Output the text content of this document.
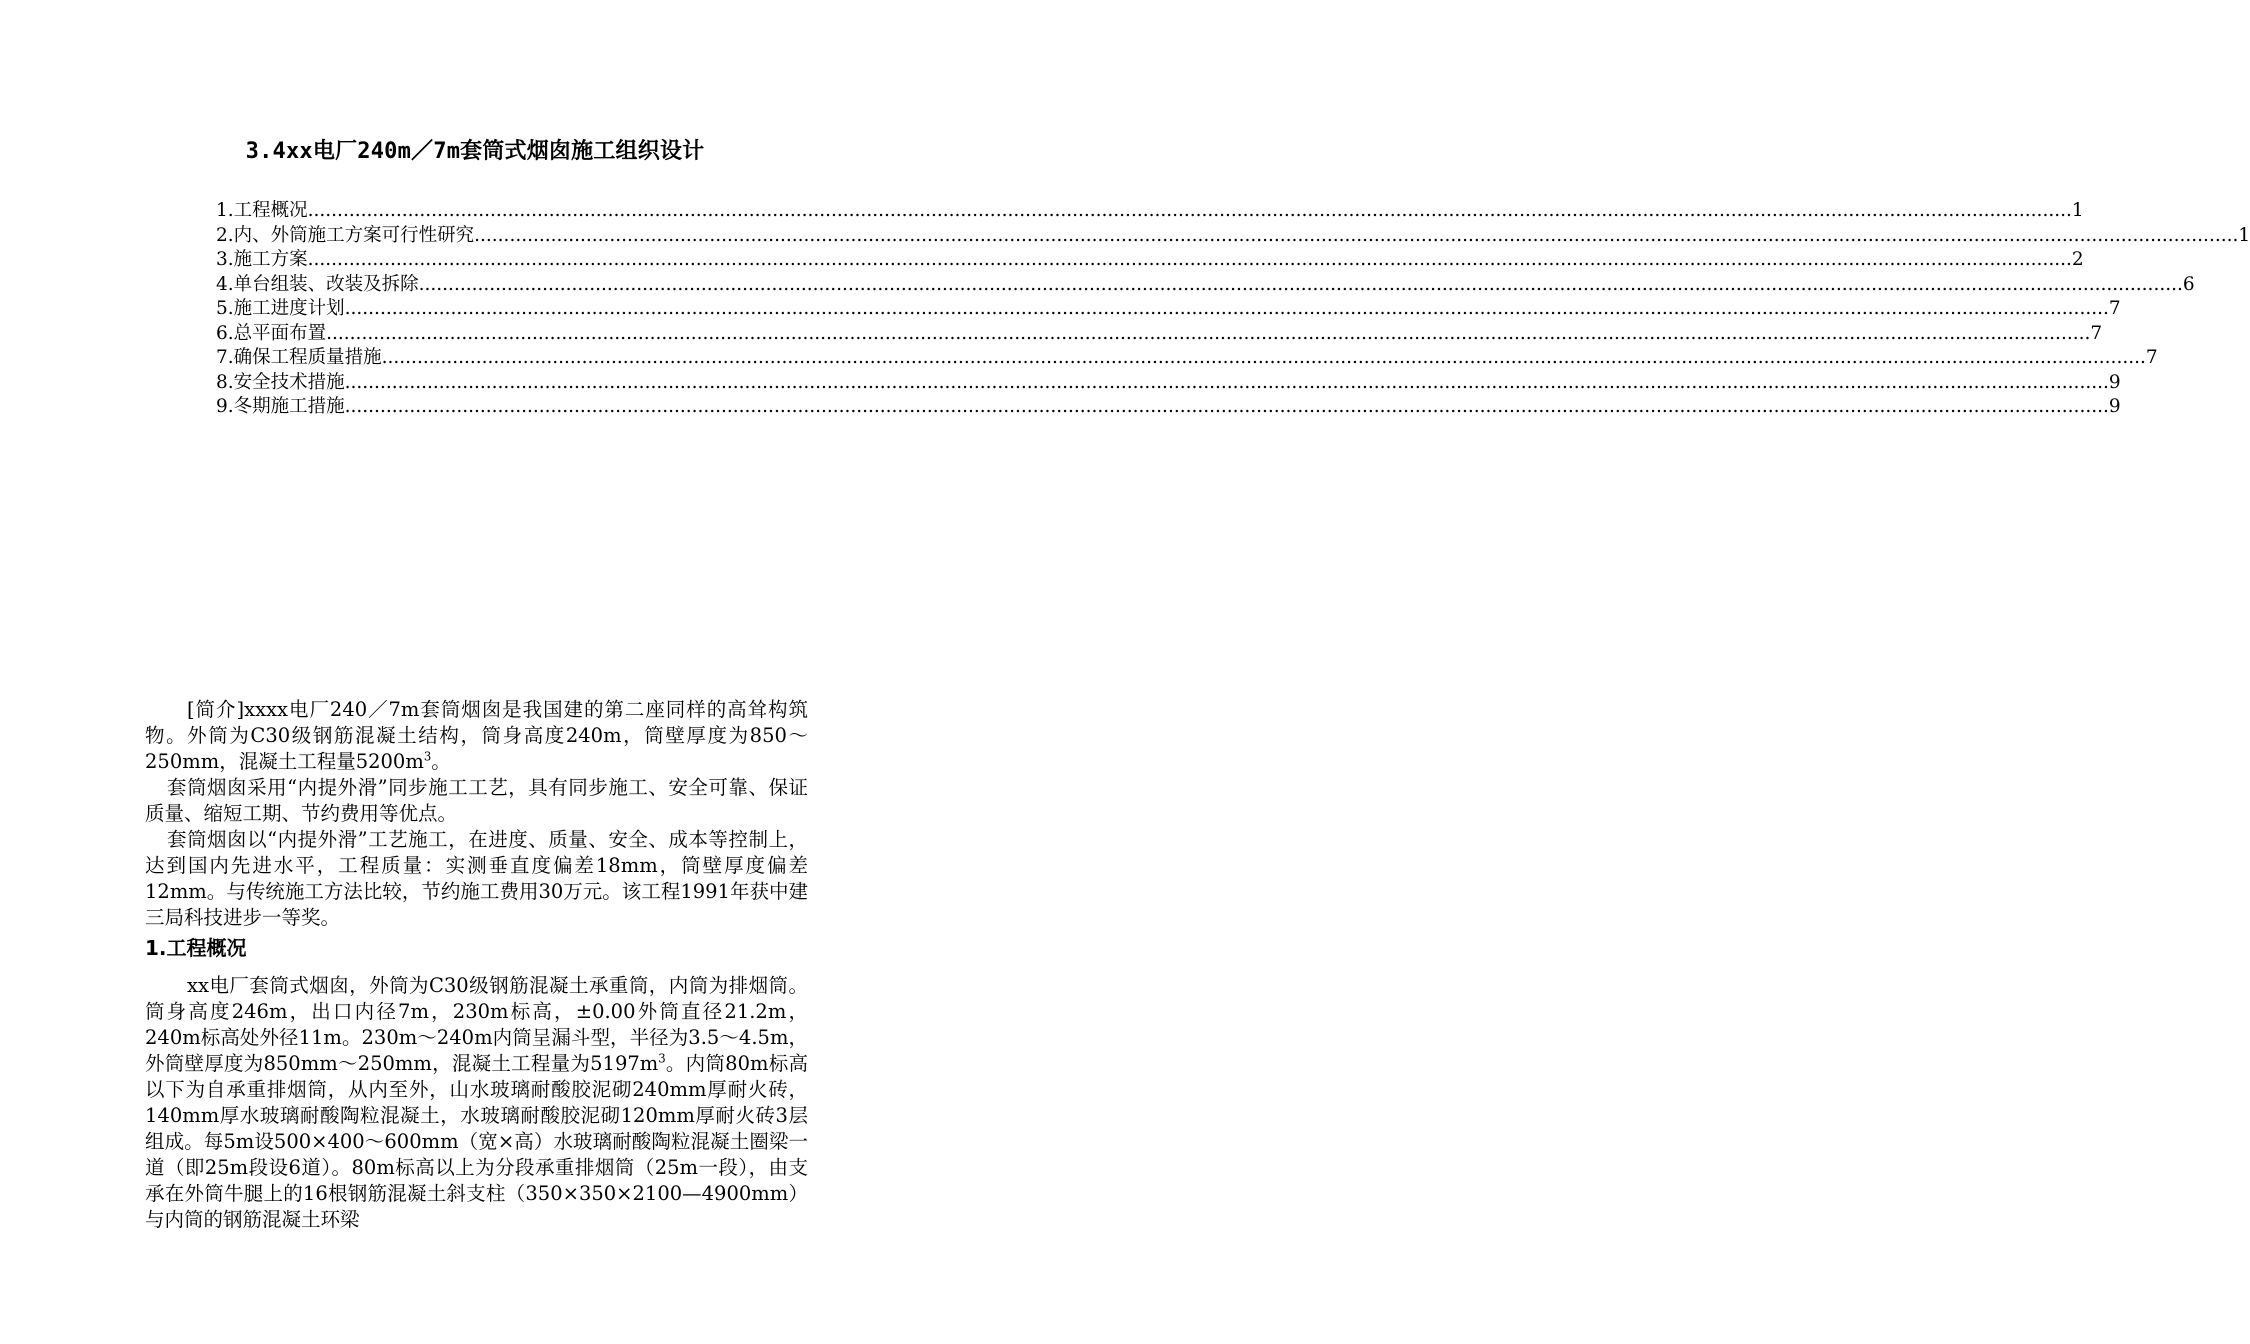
3.4xx电厂240m／7m套筒式烟囱施工组织设计
1.工程概况 ............................................................................................................................................................................................................................................................................................................ 1
2.内、外筒施工方案可行性研究 ............................................................................................................................................................................................................................................................................................................ 1
3.施工方案 ............................................................................................................................................................................................................................................................................................................ 2
4.单台组装、改装及拆除 ............................................................................................................................................................................................................................................................................................................ 6
5.施工进度计划 ............................................................................................................................................................................................................................................................................................................ 7
6.总平面布置 ............................................................................................................................................................................................................................................................................................................ 7
7.确保工程质量措施 ............................................................................................................................................................................................................................................................................................................ 7
8.安全技术措施 ............................................................................................................................................................................................................................................................................................................ 9
9.冬期施工措施 ............................................................................................................................................................................................................................................................................................................ 9

[简介]xxxx电厂240／7m套筒烟囱是我国建的第二座同样的高耸构筑物。外筒为C30级钢筋混凝土结构，筒身高度240m，筒壁厚度为850～250mm，混凝土工程量$5200m^3$。

套筒烟囱采用“内提外滑”同步施工工艺，具有同步施工、安全可靠、保证质量、缩短工期、节约费用等优点。

套筒烟囱以“内提外滑”工艺施工，在进度、质量、安全、成本等控制上，达到国内先进水平，工程质量：实测垂直度偏差18mm，筒壁厚度偏差12mm。与传统施工方法比较，节约施工费用30万元。该工程1991年获中建三局科技进步一等奖。

1.工程概况

xx电厂套筒式烟囱，外筒为C30级钢筋混凝土承重筒，内筒为排烟筒。筒身高度246m，出口内径7m，230m标高，±0.00外筒直径21.2m，240m标高处外径11m。230m～240m内筒呈漏斗型，半径为3.5～4.5m，外筒壁厚度为850mm～250mm，混凝土工程量为$5197m^3$。内筒80m标高以下为自承重排烟筒，从内至外，山水玻璃耐酸胶泥砌240mm厚耐火砖，140mm厚水玻璃耐酸陶粒混凝土，水玻璃耐酸胶泥砌120mm厚耐火砖3层组成。每5m设500×400～600mm（宽×高）水玻璃耐酸陶粒混凝土圈梁一道（即25m段设6道）。80m标高以上为分段承重排烟筒（25m一段），由支承在外筒牛腿上的16根钢筋混凝土斜支柱（350×350×2100—4900mm）与内筒的钢筋混凝土环梁
